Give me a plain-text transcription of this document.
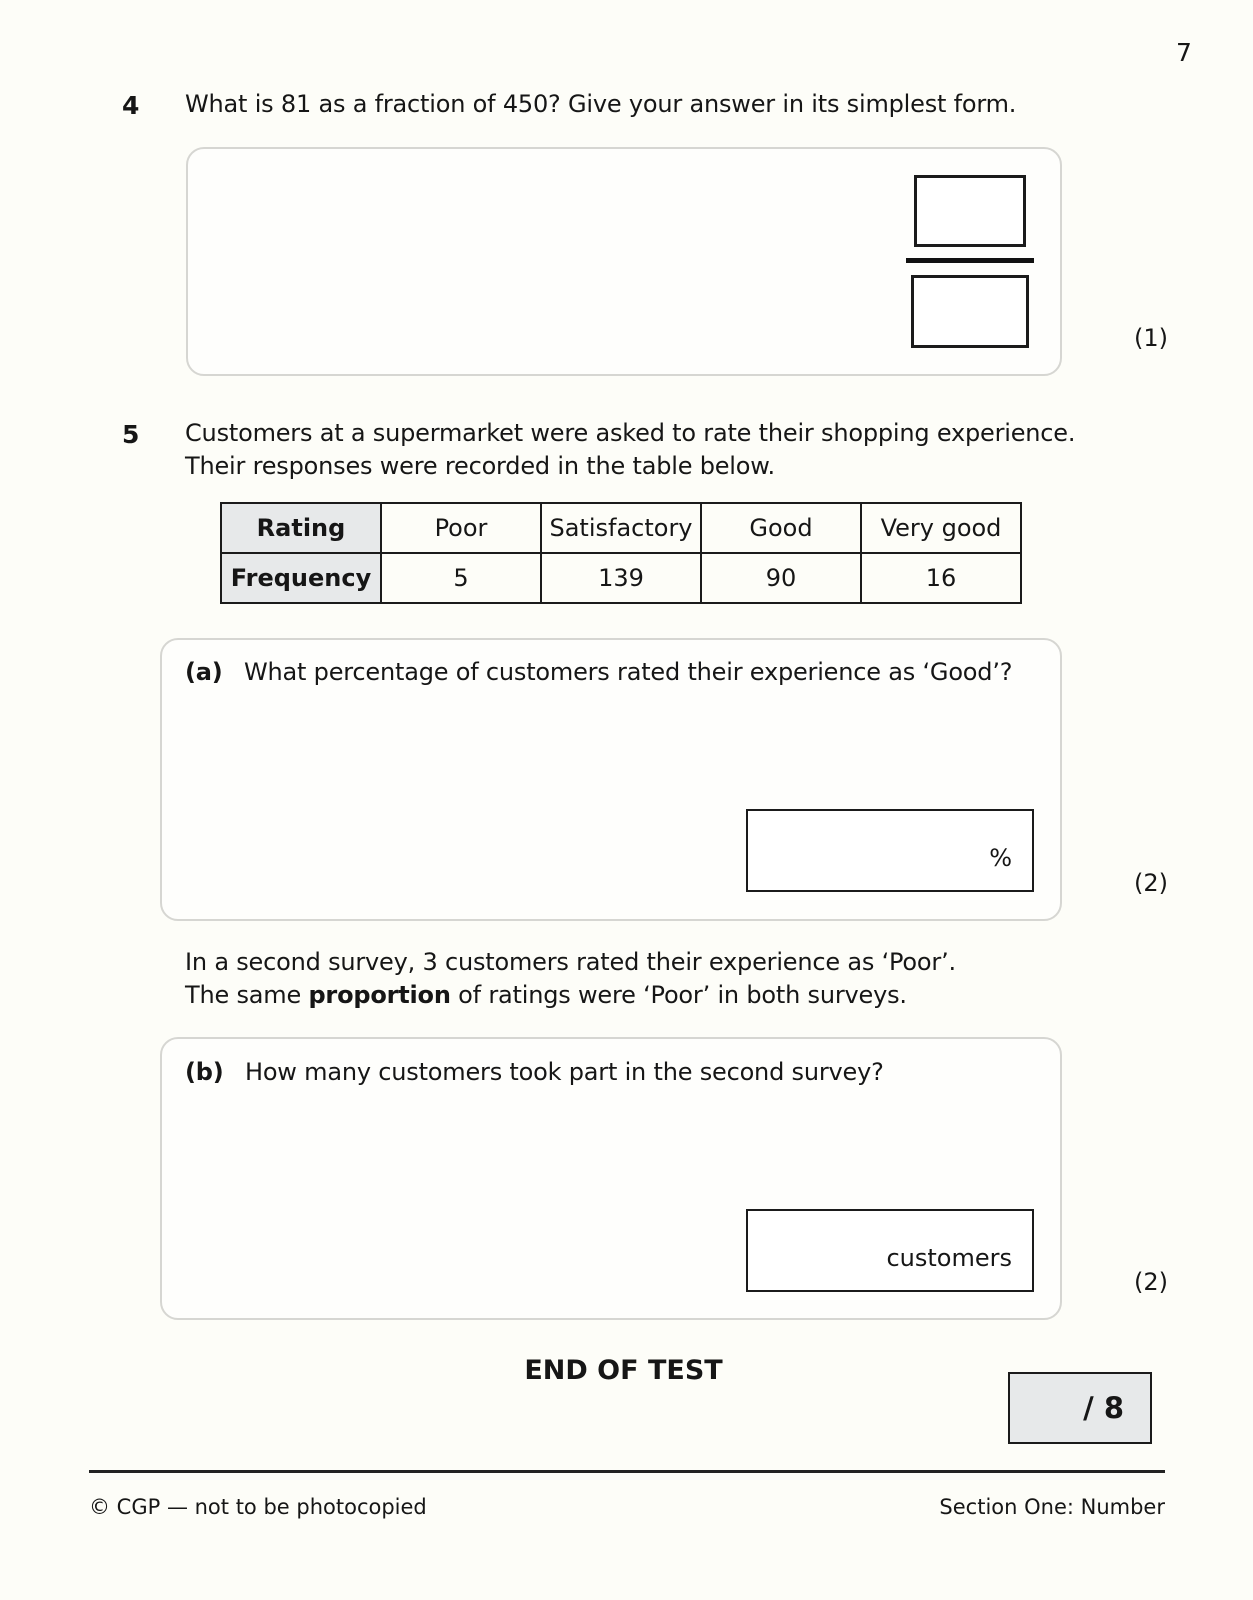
7
4 What is 81 as a fraction of 450? Give your answer in its simplest form.
(1)
5 Customers at a supermarket were asked to rate their shopping experience.
Their responses were recorded in the table below.
Rating	Poor	Satisfactory	Good	Very good
Frequency	5	139	90	16
(a) What percentage of customers rated their experience as ‘Good’?
%
(2)
In a second survey, 3 customers rated their experience as ‘Poor’.
The same proportion of ratings were ‘Poor’ in both surveys.
(b) How many customers took part in the second survey?
customers
(2)
END OF TEST
/ 8
© CGP — not to be photocopied	Section One: Number
